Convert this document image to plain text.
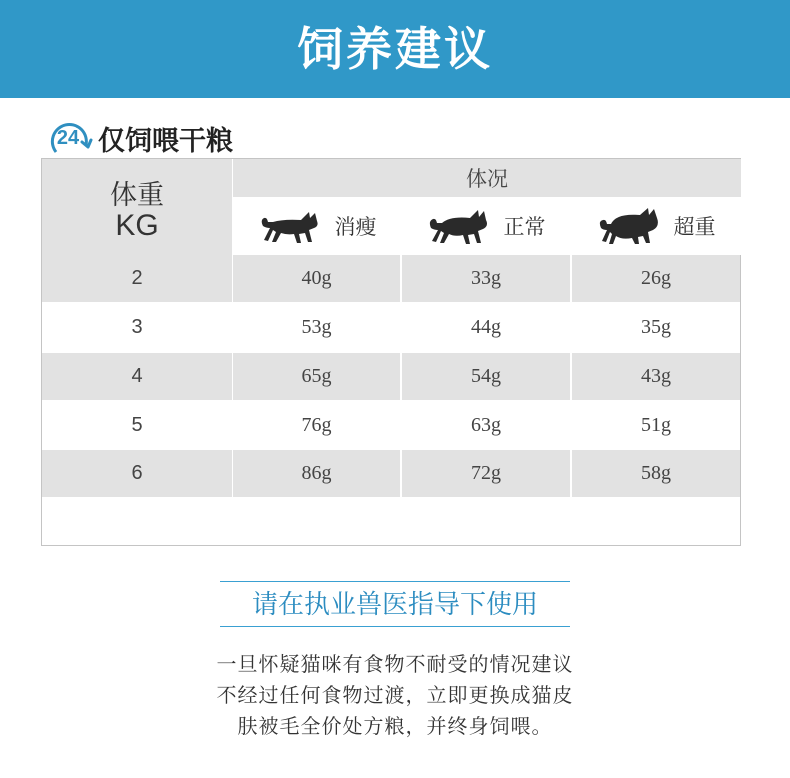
饲养建议
24 仅饲喂干粮
体重
KG
体况
消瘦	正常	超重
2	40g	33g	26g
3	53g	44g	35g
4	65g	54g	43g
5	76g	63g	51g
6	86g	72g	58g
请在执业兽医指导下使用
一旦怀疑猫咪有食物不耐受的情况建议
不经过任何食物过渡，立即更换成猫皮
肤被毛全价处方粮，并终身饲喂。
